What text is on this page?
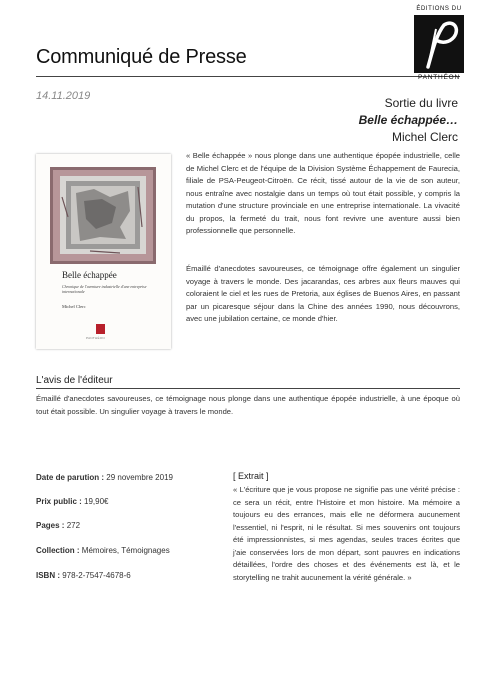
Communiqué de Presse
ÉDITIONS DU
PANTHÉON
14.11.2019	Sortie du livre
Belle échappée…
Michel Clerc
Belle échappée
Chronique de l'aventure industrielle d'une entreprise internationale
Michel Clerc
PANTHÉON
« Belle échappée » nous plonge dans une authentique épopée industrielle, celle de Michel Clerc et de l'équipe de la Division Système Échappement de Faurecia, filiale de PSA-Peugeot-Citroën. Ce récit, tissé autour de la vie de son auteur, nous entraîne avec nostalgie dans un temps où tout était possible, y compris la mutation d'une structure provinciale en une entreprise internationale. La vivacité du propos, la fermeté du trait, nous font revivre une aventure aussi bien professionnelle que personnelle.
Émaillé d'anecdotes savoureuses, ce témoignage offre également un singulier voyage à travers le monde. Des jacarandas, ces arbres aux fleurs mauves qui coloraient le ciel et les rues de Pretoria, aux églises de Buenos Aires, en passant par un picaresque séjour dans la Chine des années 1990, nous découvrons, avec une jubilation certaine, ce monde d'hier.
L'avis de l'éditeur
Émaillé d'anecdotes savoureuses, ce témoignage nous plonge dans une authentique épopée industrielle, à une époque où tout était possible. Un singulier voyage à travers le monde.
Date de parution : 29 novembre 2019
Prix public : 19,90€
Pages : 272
Collection : Mémoires, Témoignages
ISBN : 978-2-7547-4678-6
[ Extrait ]
« L'écriture que je vous propose ne signifie pas une vérité précise : ce sera un récit, entre l'Histoire et mon histoire. Ma mémoire a toujours eu des errances, mais elle ne déformera aucunement l'essentiel, ni l'esprit, ni le résultat. Si mes souvenirs ont toujours été impressionnistes, si mes agendas, seules traces écrites que j'aie conservées lors de mon départ, sont pauvres en indications détaillées, l'ordre des choses et des événements est là, et le storytelling ne trahit aucunement la vérité générale. »
